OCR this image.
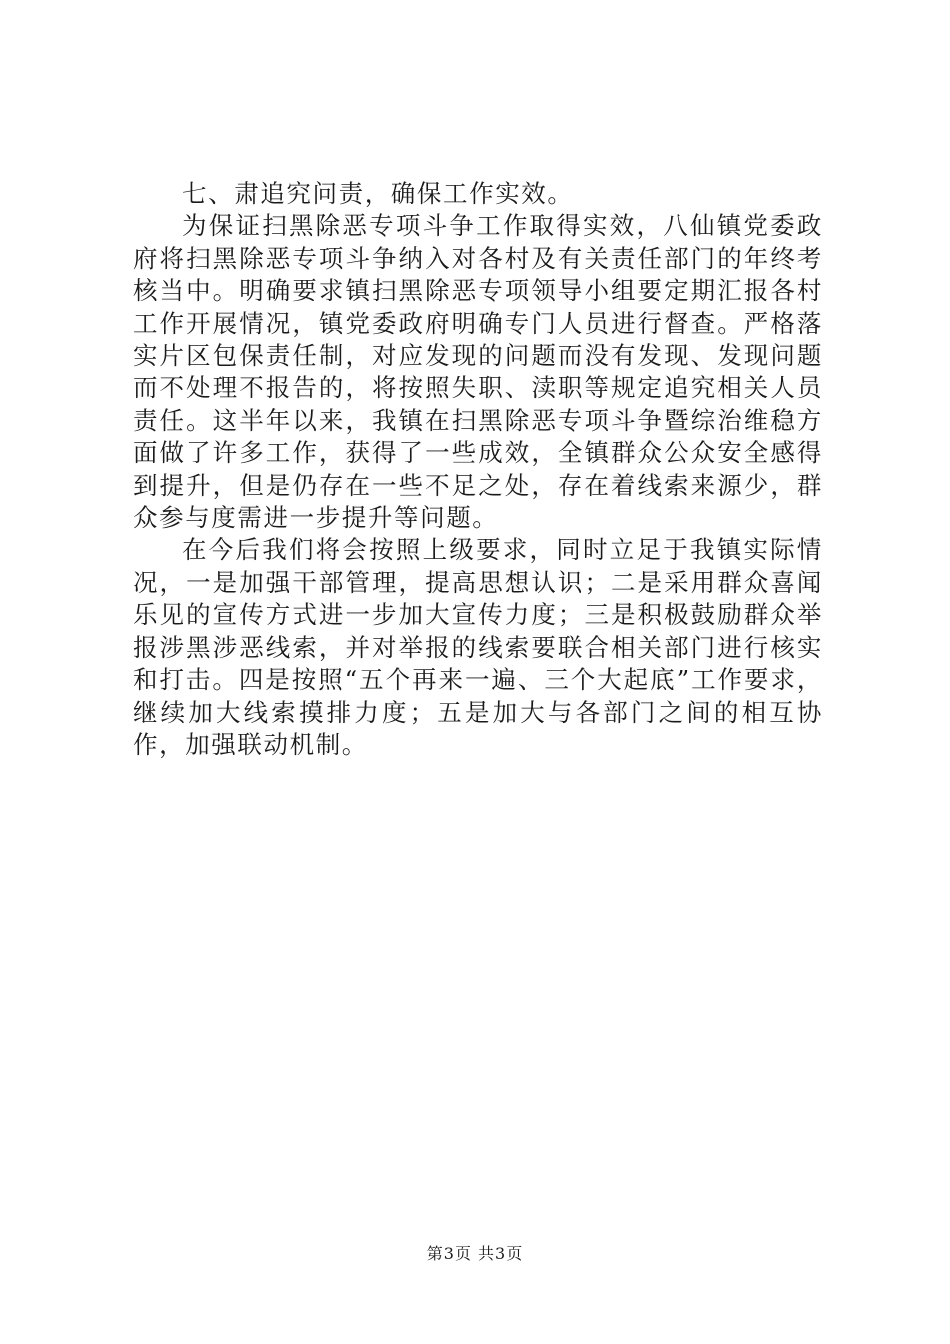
七、肃追究问责，确保工作实效。

为保证扫黑除恶专项斗争工作取得实效，八仙镇党委政府将扫黑除恶专项斗争纳入对各村及有关责任部门的年终考核当中。明确要求镇扫黑除恶专项领导小组要定期汇报各村工作开展情况，镇党委政府明确专门人员进行督查。严格落实片区包保责任制，对应发现的问题而没有发现、发现问题而不处理不报告的，将按照失职、渎职等规定追究相关人员责任。这半年以来，我镇在扫黑除恶专项斗争暨综治维稳方面做了许多工作，获得了一些成效，全镇群众公众安全感得到提升，但是仍存在一些不足之处，存在着线索来源少，群众参与度需进一步提升等问题。

在今后我们将会按照上级要求，同时立足于我镇实际情况，一是加强干部管理，提高思想认识；二是采用群众喜闻乐见的宣传方式进一步加大宣传力度；三是积极鼓励群众举报涉黑涉恶线索，并对举报的线索要联合相关部门进行核实和打击。四是按照“五个再来一遍、三个大起底”工作要求，继续加大线索摸排力度；五是加大与各部门之间的相互协作，加强联动机制。

第3页 共3页
